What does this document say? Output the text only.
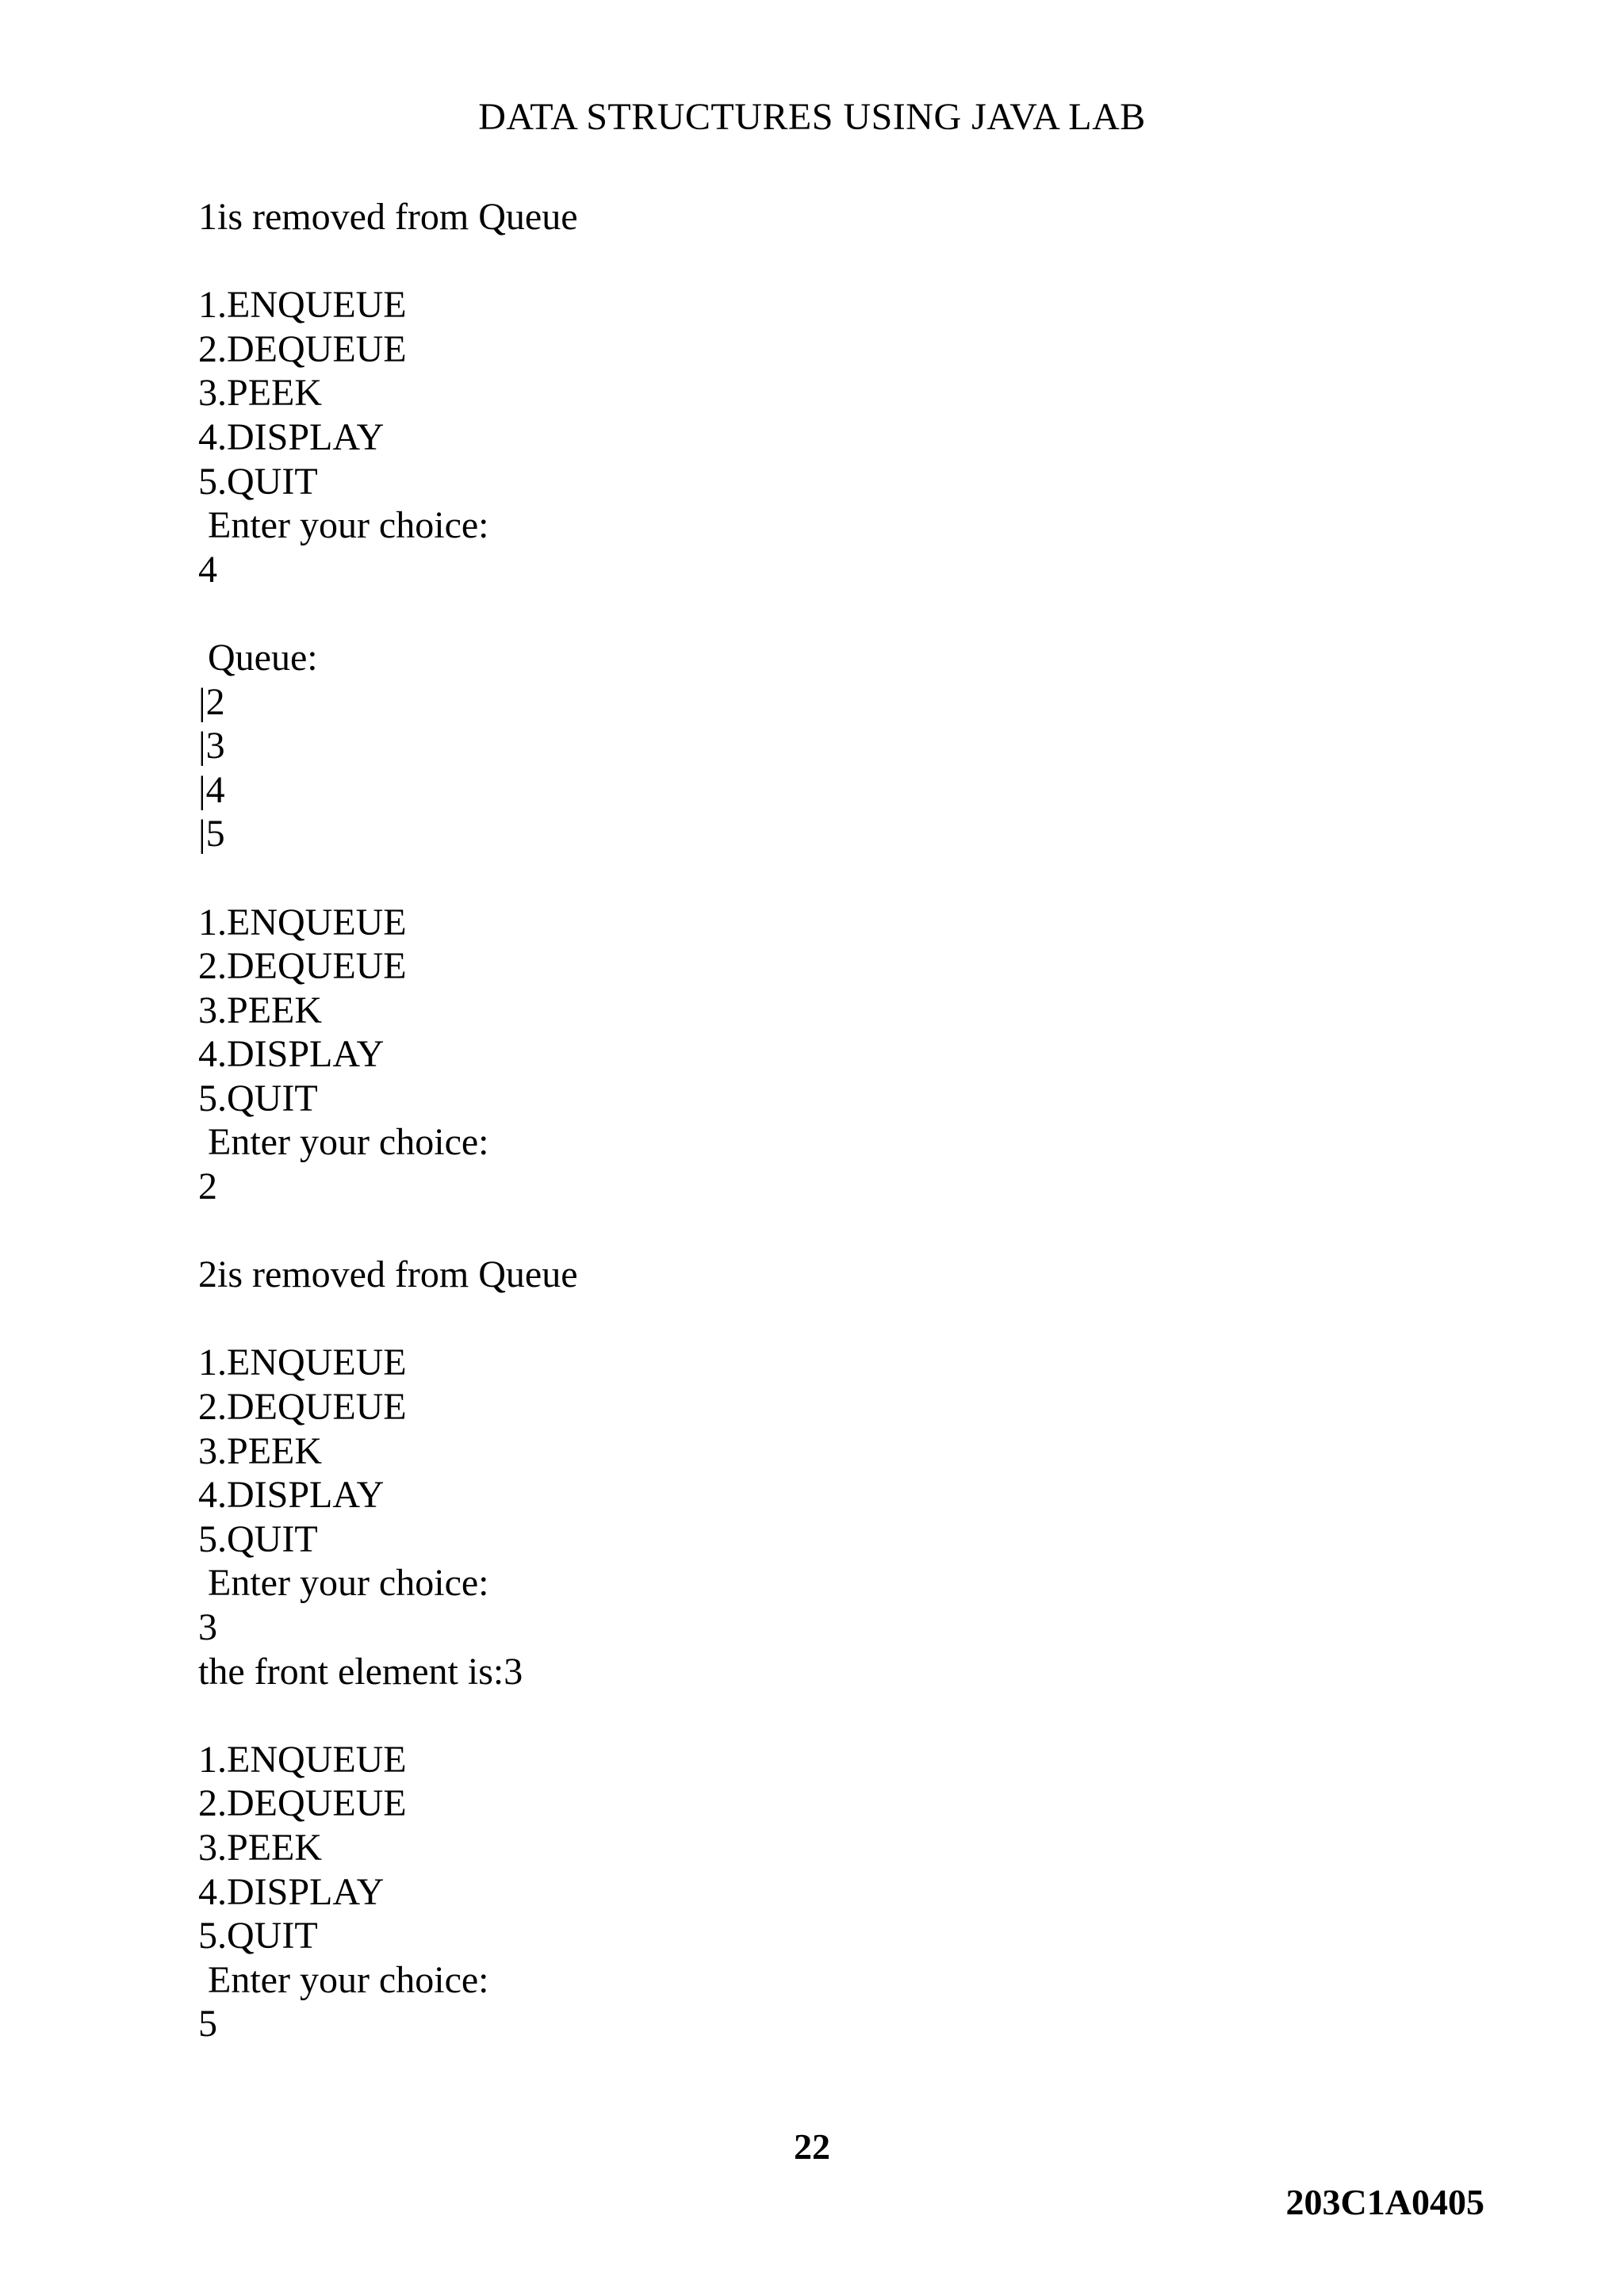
DATA STRUCTURES USING JAVA LAB
1is removed from Queue
1.ENQUEUE
2.DEQUEUE
3.PEEK
4.DISPLAY
5.QUIT
Enter your choice:
4
Queue:
|2
|3
|4
|5
1.ENQUEUE
2.DEQUEUE
3.PEEK
4.DISPLAY
5.QUIT
Enter your choice:
2
2is removed from Queue
1.ENQUEUE
2.DEQUEUE
3.PEEK
4.DISPLAY
5.QUIT
Enter your choice:
3
the front element is:3
1.ENQUEUE
2.DEQUEUE
3.PEEK
4.DISPLAY
5.QUIT
Enter your choice:
5
22
203C1A0405
